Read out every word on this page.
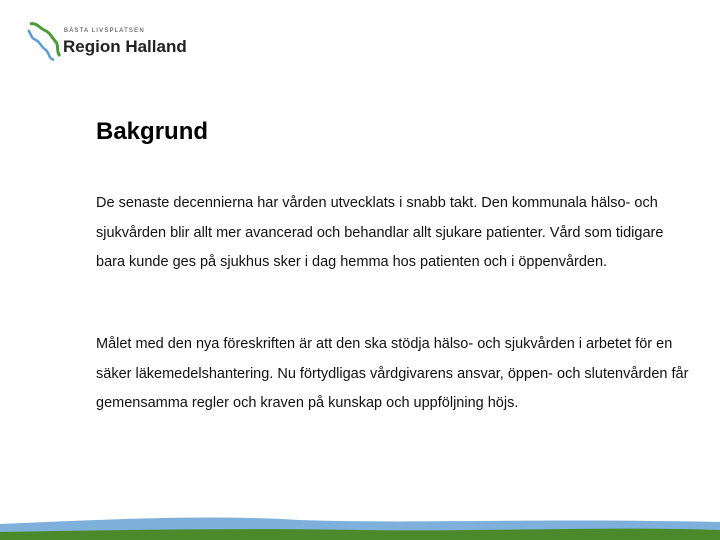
BÄSTA LIVSPLATSEN
Region Halland
Bakgrund

De senaste decennierna har vården utvecklats i snabb takt. Den kommunala hälso- och sjukvården blir allt mer avancerad och behandlar allt sjukare patienter. Vård som tidigare bara kunde ges på sjukhus sker i dag hemma hos patienten och i öppenvården.

Målet med den nya föreskriften är att den ska stödja hälso- och sjukvården i arbetet för en säker läkemedelshantering. Nu förtydligas vårdgivarens ansvar, öppen- och slutenvården får gemensamma regler och kraven på kunskap och uppföljning höjs.
